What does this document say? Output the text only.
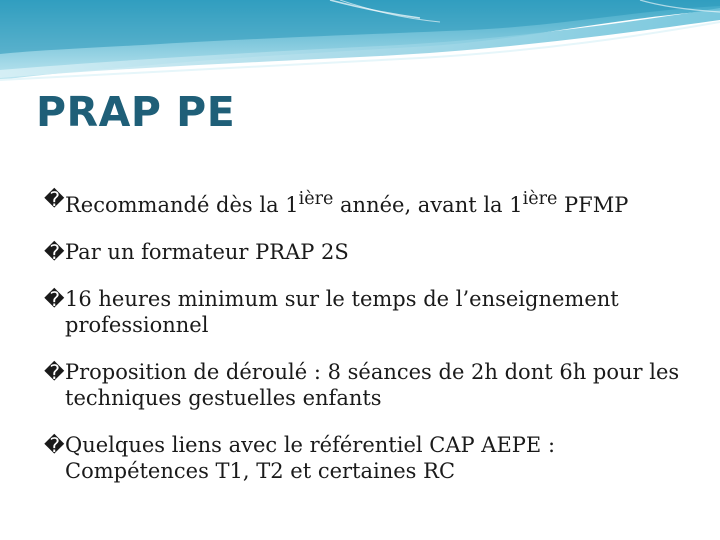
PRAP PE
� Recommandé dès la $1^{ière}$ année, avant la $1^{ière}$ PFMP
� Par un formateur PRAP 2S
� 16 heures minimum sur le temps de l’enseignement professionnel
� Proposition de déroulé : 8 séances de 2h dont 6h pour les techniques gestuelles enfants
� Quelques liens avec le référentiel CAP AEPE : Compétences T1, T2 et certaines RC
